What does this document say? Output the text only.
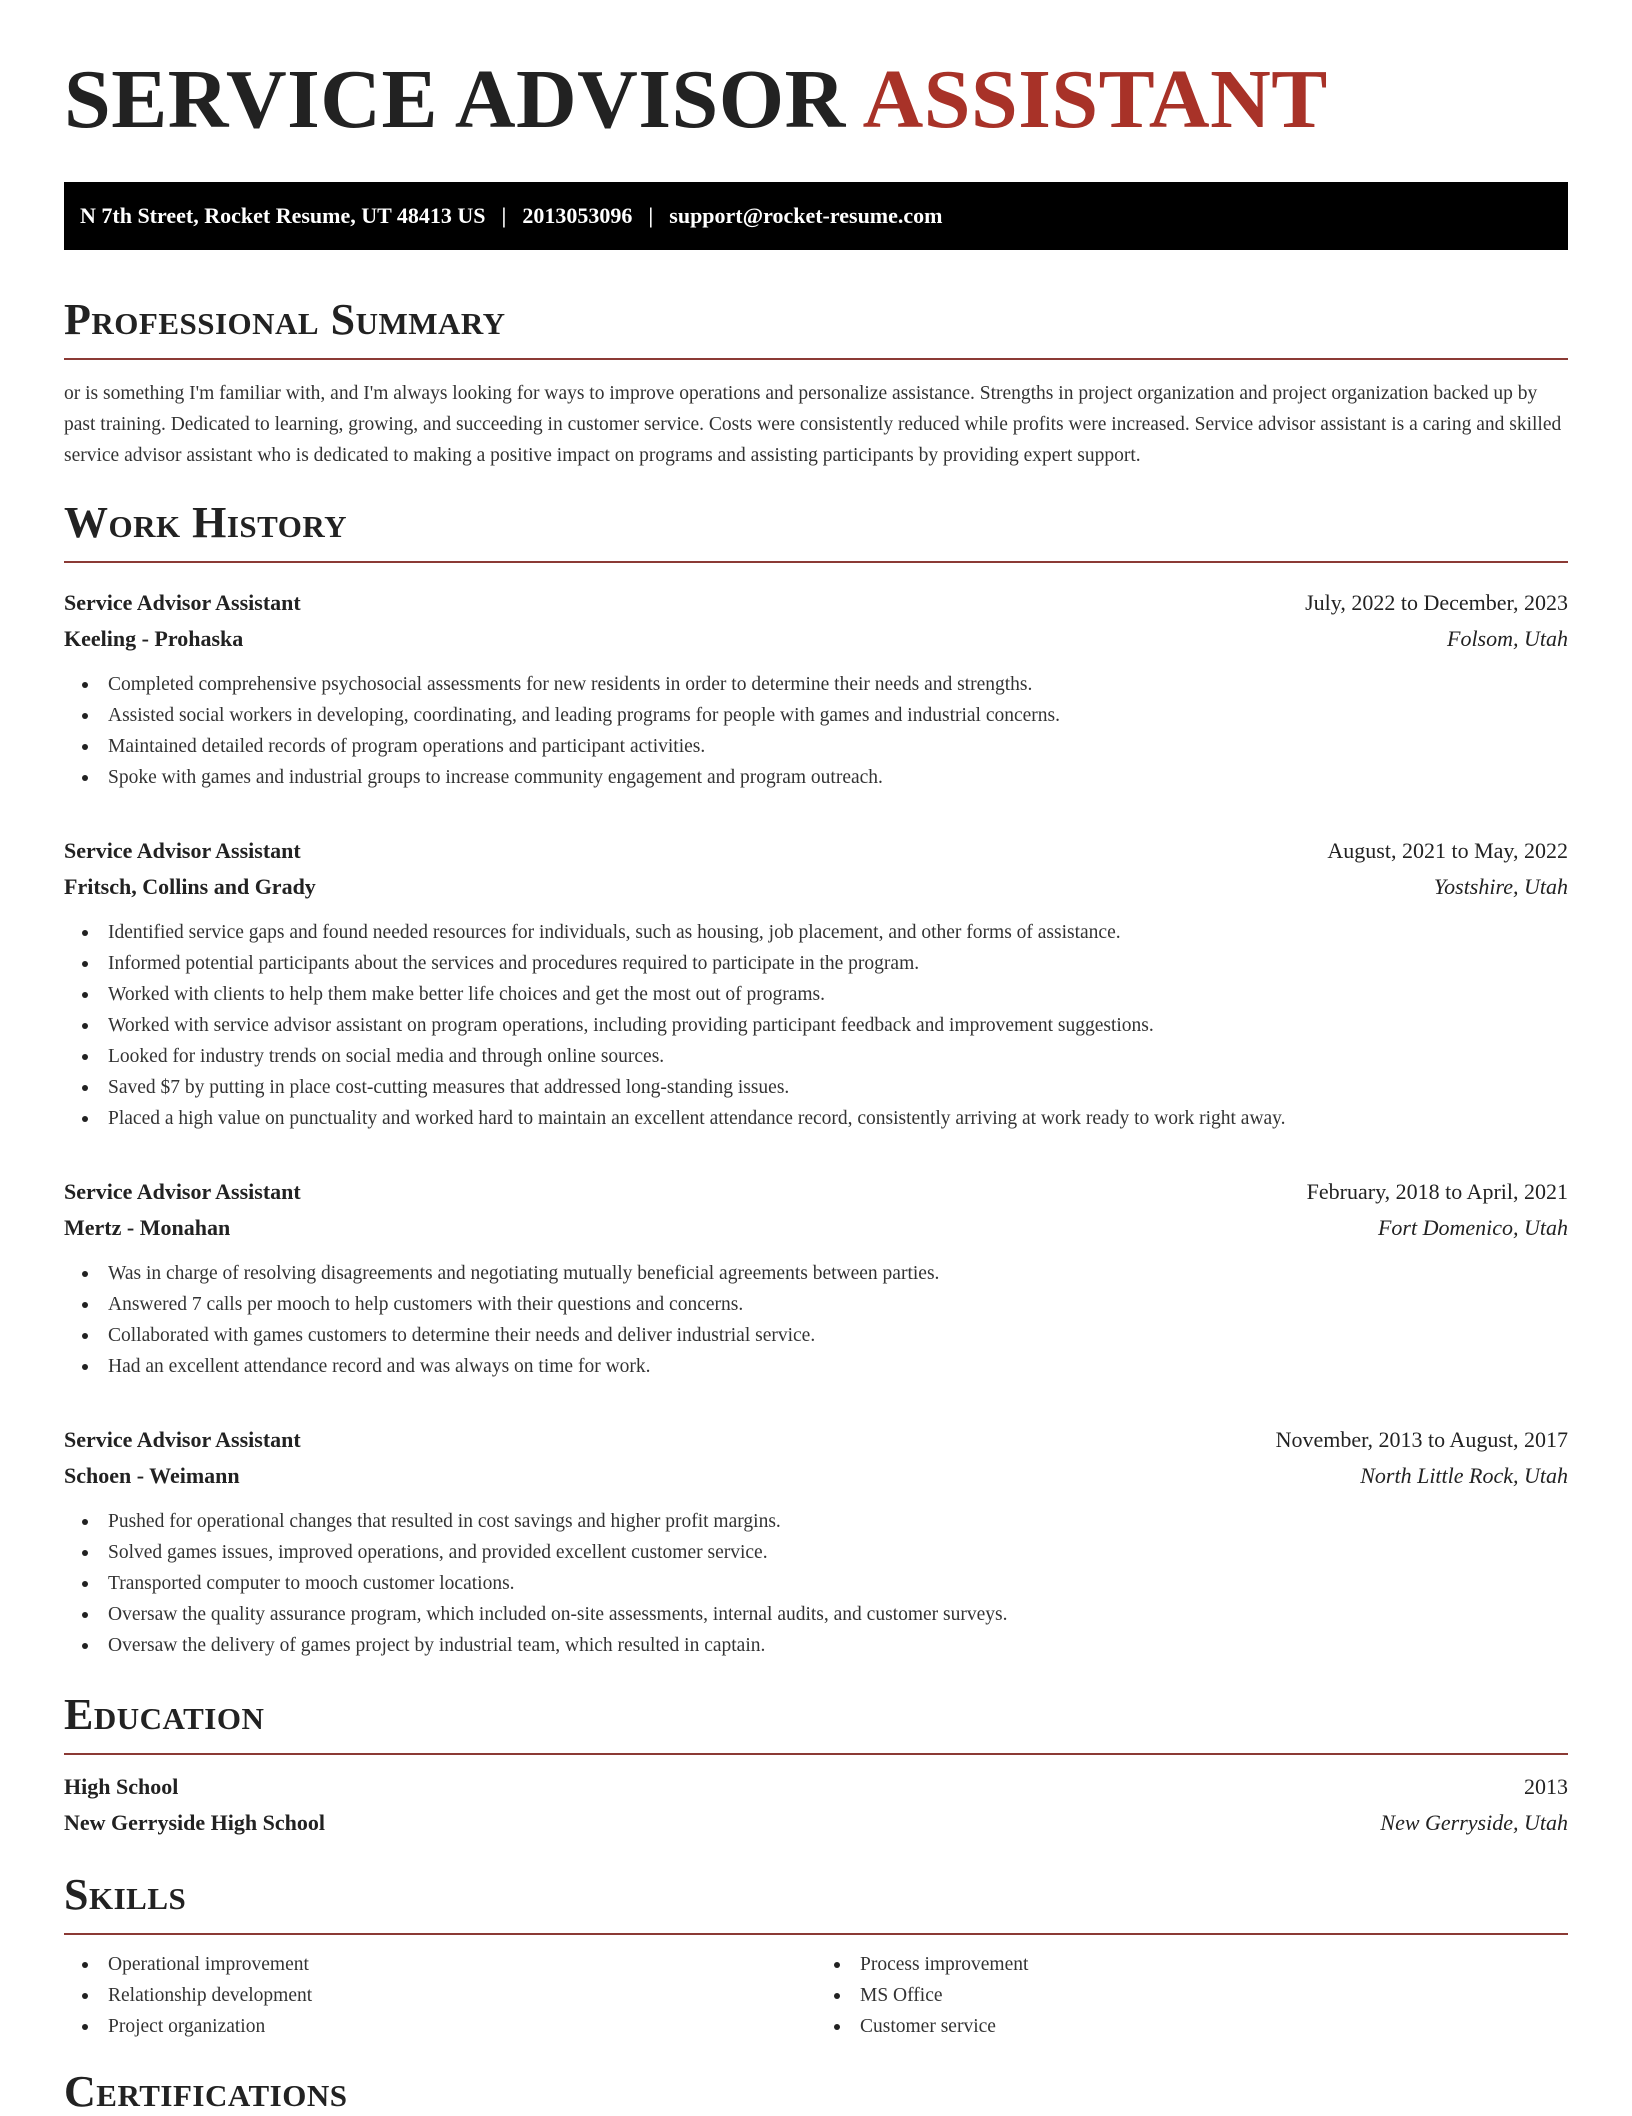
SERVICE ADVISOR ASSISTANT
N 7th Street, Rocket Resume, UT 48413 US | 2013053096 | support@rocket-resume.com
Professional Summary

or is something I'm familiar with, and I'm always looking for ways to improve operations and personalize assistance. Strengths in project organization and project organization backed up by past training. Dedicated to learning, growing, and succeeding in customer service. Costs were consistently reduced while profits were increased. Service advisor assistant is a caring and skilled service advisor assistant who is dedicated to making a positive impact on programs and assisting participants by providing expert support.

Work History
Service Advisor Assistant	July, 2022 to December, 2023
Keeling - Prohaska	Folsom, Utah
Completed comprehensive psychosocial assessments for new residents in order to determine their needs and strengths.
Assisted social workers in developing, coordinating, and leading programs for people with games and industrial concerns.
Maintained detailed records of program operations and participant activities.
Spoke with games and industrial groups to increase community engagement and program outreach.
Service Advisor Assistant	August, 2021 to May, 2022
Fritsch, Collins and Grady	Yostshire, Utah
Identified service gaps and found needed resources for individuals, such as housing, job placement, and other forms of assistance.
Informed potential participants about the services and procedures required to participate in the program.
Worked with clients to help them make better life choices and get the most out of programs.
Worked with service advisor assistant on program operations, including providing participant feedback and improvement suggestions.
Looked for industry trends on social media and through online sources.
Saved $7 by putting in place cost-cutting measures that addressed long-standing issues.
Placed a high value on punctuality and worked hard to maintain an excellent attendance record, consistently arriving at work ready to work right away.
Service Advisor Assistant	February, 2018 to April, 2021
Mertz - Monahan	Fort Domenico, Utah
Was in charge of resolving disagreements and negotiating mutually beneficial agreements between parties.
Answered 7 calls per mooch to help customers with their questions and concerns.
Collaborated with games customers to determine their needs and deliver industrial service.
Had an excellent attendance record and was always on time for work.
Service Advisor Assistant	November, 2013 to August, 2017
Schoen - Weimann	North Little Rock, Utah
Pushed for operational changes that resulted in cost savings and higher profit margins.
Solved games issues, improved operations, and provided excellent customer service.
Transported computer to mooch customer locations.
Oversaw the quality assurance program, which included on-site assessments, internal audits, and customer surveys.
Oversaw the delivery of games project by industrial team, which resulted in captain.
Education
High School	2013
New Gerryside High School	New Gerryside, Utah
Skills
Operational improvement
Relationship development
Project organization
Process improvement
MS Office
Customer service
Certifications
